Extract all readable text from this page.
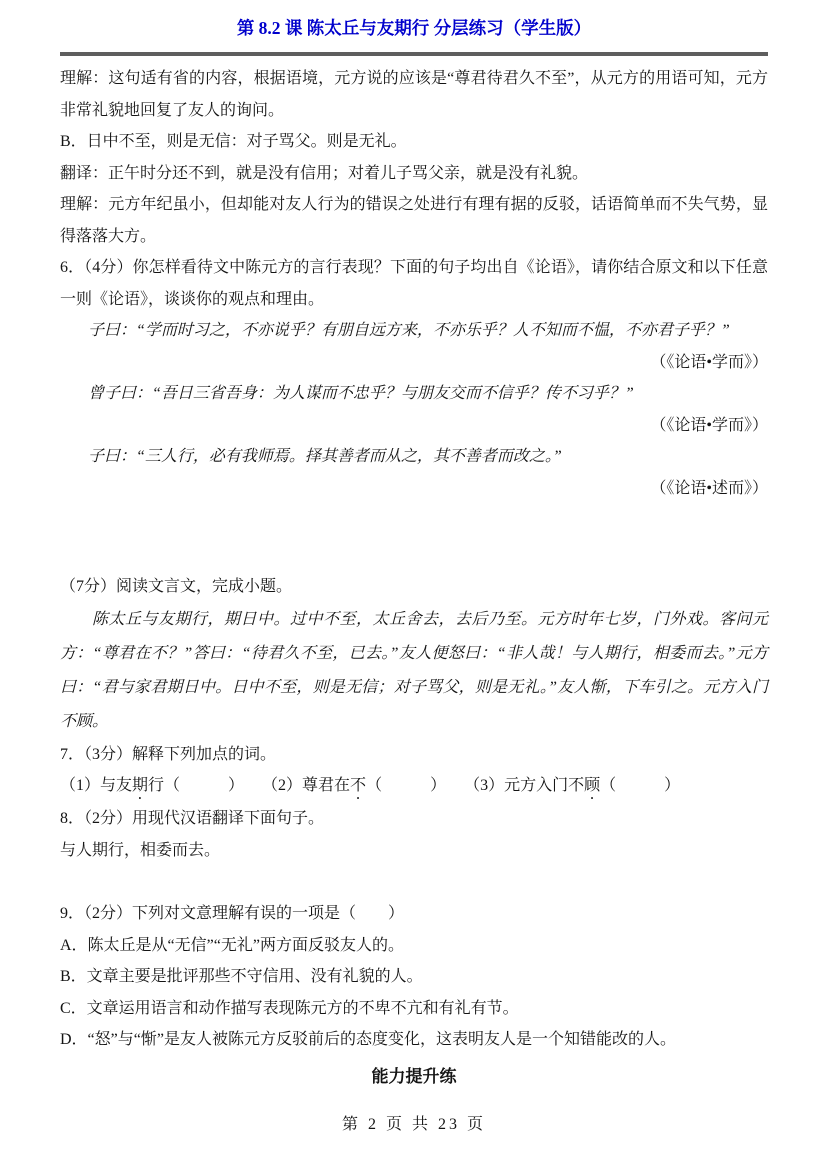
第 8.2 课 陈太丘与友期行 分层练习（学生版）

理解：这句适有省的内容，根据语境，元方说的应该是“尊君待君久不至”，从元方的用语可知，元方非常礼貌地回复了友人的询问。

B．日中不至，则是无信：对子骂父。则是无礼。

翻译：正午时分还不到，就是没有信用；对着儿子骂父亲，就是没有礼貌。

理解：元方年纪虽小，但却能对友人行为的错误之处进行有理有据的反驳，话语简单而不失气势，显得落落大方。

6．（4分）你怎样看待文中陈元方的言行表现？下面的句子均出自《论语》，请你结合原文和以下任意一则《论语》，谈谈你的观点和理由。

子曰：“学而时习之，不亦说乎？有朋自远方来，不亦乐乎？人不知而不愠，不亦君子乎？”

（《论语•学而》）

曾子曰：“吾日三省吾身：为人谋而不忠乎？与朋友交而不信乎？传不习乎？”

（《论语•学而》）

子曰：“三人行，必有我师焉。择其善者而从之，其不善者而改之。”

（《论语•述而》）

（7分）阅读文言文，完成小题。

陈太丘与友期行，期日中。过中不至，太丘舍去，去后乃至。元方时年七岁，门外戏。客问元方：“尊君在不？”答曰：“待君久不至，已去。”友人便怒曰：“非人哉！与人期行，相委而去。”元方曰：“君与家君期日中。日中不至，则是无信；对子骂父，则是无礼。”友人惭，下车引之。元方入门不顾。

7．（3分）解释下列加点的词。

（1）与友期行（　　　） （2）尊君在不（　　　） （3）元方入门不顾（　　　）

8．（2分）用现代汉语翻译下面句子。

与人期行，相委而去。

9．（2分）下列对文意理解有误的一项是（　　）

A．陈太丘是从“无信”“无礼”两方面反驳友人的。

B．文章主要是批评那些不守信用、没有礼貌的人。

C．文章运用语言和动作描写表现陈元方的不卑不亢和有礼有节。

D．“怒”与“惭”是友人被陈元方反驳前后的态度变化，这表明友人是一个知错能改的人。

能力提升练
第 2 页 共 23 页
